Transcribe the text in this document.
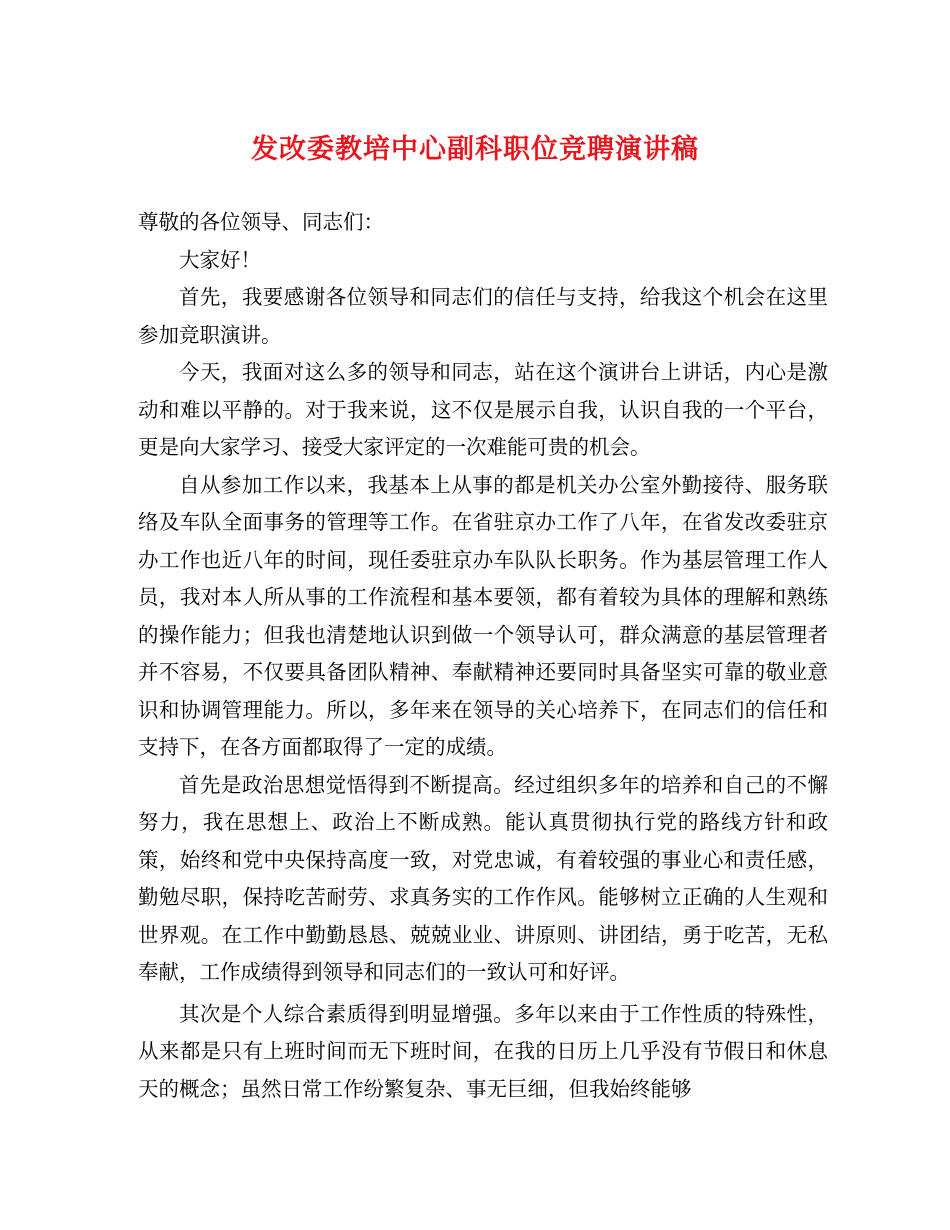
发改委教培中心副科职位竞聘演讲稿

尊敬的各位领导、同志们：

大家好！

首先，我要感谢各位领导和同志们的信任与支持，给我这个机会在这里参加竞职演讲。

今天，我面对这么多的领导和同志，站在这个演讲台上讲话，内心是激动和难以平静的。对于我来说，这不仅是展示自我，认识自我的一个平台，更是向大家学习、接受大家评定的一次难能可贵的机会。

自从参加工作以来，我基本上从事的都是机关办公室外勤接待、服务联络及车队全面事务的管理等工作。在省驻京办工作了八年，在省发改委驻京办工作也近八年的时间，现任委驻京办车队队长职务。作为基层管理工作人员，我对本人所从事的工作流程和基本要领，都有着较为具体的理解和熟练的操作能力；但我也清楚地认识到做一个领导认可，群众满意的基层管理者并不容易，不仅要具备团队精神、奉献精神还要同时具备坚实可靠的敬业意识和协调管理能力。所以，多年来在领导的关心培养下，在同志们的信任和支持下，在各方面都取得了一定的成绩。

首先是政治思想觉悟得到不断提高。经过组织多年的培养和自己的不懈努力，我在思想上、政治上不断成熟。能认真贯彻执行党的路线方针和政策，始终和党中央保持高度一致，对党忠诚，有着较强的事业心和责任感，勤勉尽职，保持吃苦耐劳、求真务实的工作作风。能够树立正确的人生观和世界观。在工作中勤勤恳恳、兢兢业业、讲原则、讲团结，勇于吃苦，无私奉献，工作成绩得到领导和同志们的一致认可和好评。

其次是个人综合素质得到明显增强。多年以来由于工作性质的特殊性，从来都是只有上班时间而无下班时间，在我的日历上几乎没有节假日和休息天的概念；虽然日常工作纷繁复杂、事无巨细，但我始终能够
